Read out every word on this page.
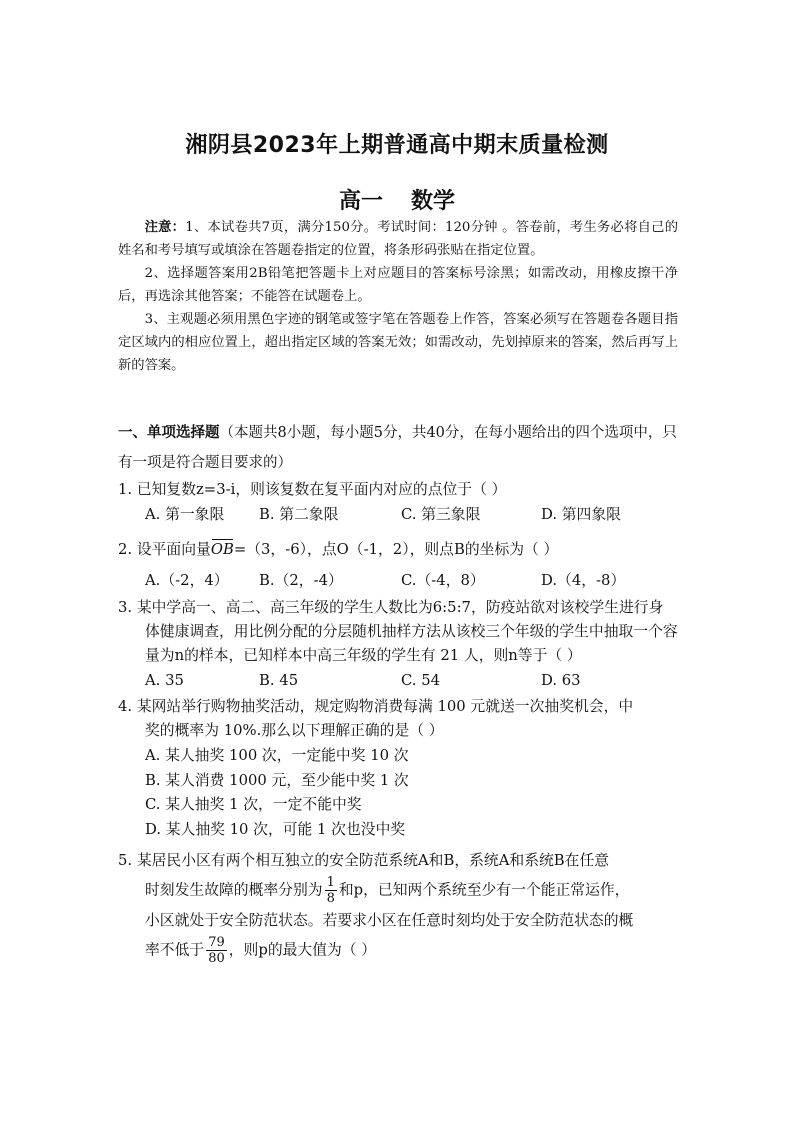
湘阴县2023年上期普通高中期末质量检测
高一 数学

注意：1、本试卷共7页，满分150分。考试时间：120分钟 。答卷前，考生务必将自己的姓名和考号填写或填涂在答题卷指定的位置，将条形码张贴在指定位置。

2、选择题答案用2B铅笔把答题卡上对应题目的答案标号涂黑；如需改动，用橡皮擦干净后，再选涂其他答案；不能答在试题卷上。

3、主观题必须用黑色字迹的钢笔或签字笔在答题卷上作答，答案必须写在答题卷各题目指定区域内的相应位置上，超出指定区域的答案无效；如需改动，先划掉原来的答案，然后再写上新的答案。

一、单项选择题（本题共8小题，每小题5分，共40分，在每小题给出的四个选项中，只有一项是符合题目要求的）
1. 已知复数z=3-i，则该复数在复平面内对应的点位于（ ）
A. 第一象限 B. 第二象限	C. 第三象限	D. 第四象限
2. 设平面向量OB=（3，-6），点O（-1，2），则点B的坐标为（ ）
A.（-2，4） B.（2，-4）	C.（-4，8）	D.（4，-8）
3. 某中学高一、高二、高三年级的学生人数比为6:5:7，防疫站欲对该校学生进行身
体健康调查，用比例分配的分层随机抽样方法从该校三个年级的学生中抽取一个容
量为n的样本，已知样本中高三年级的学生有 21 人，则n等于（ ）
A. 35	B. 45	C. 54	D. 63
4. 某网站举行购物抽奖活动，规定购物消费每满 100 元就送一次抽奖机会，中
奖的概率为 10%.那么以下理解正确的是（ ）
A. 某人抽奖 100 次，一定能中奖 10 次
B. 某人消费 1000 元，至少能中奖 1 次
C. 某人抽奖 1 次，一定不能中奖
D. 某人抽奖 10 次，可能 1 次也没中奖
5. 某居民小区有两个相互独立的安全防范系统A和B，系统A和系统B在任意
时刻发生故障的概率分别为 $\frac{1}{8}$ 和p，已知两个系统至少有一个能正常运作，
小区就处于安全防范状态。若要求小区在任意时刻均处于安全防范状态的概
率不低于 $\frac{79}{80}$ ，则p的最大值为（ ）
